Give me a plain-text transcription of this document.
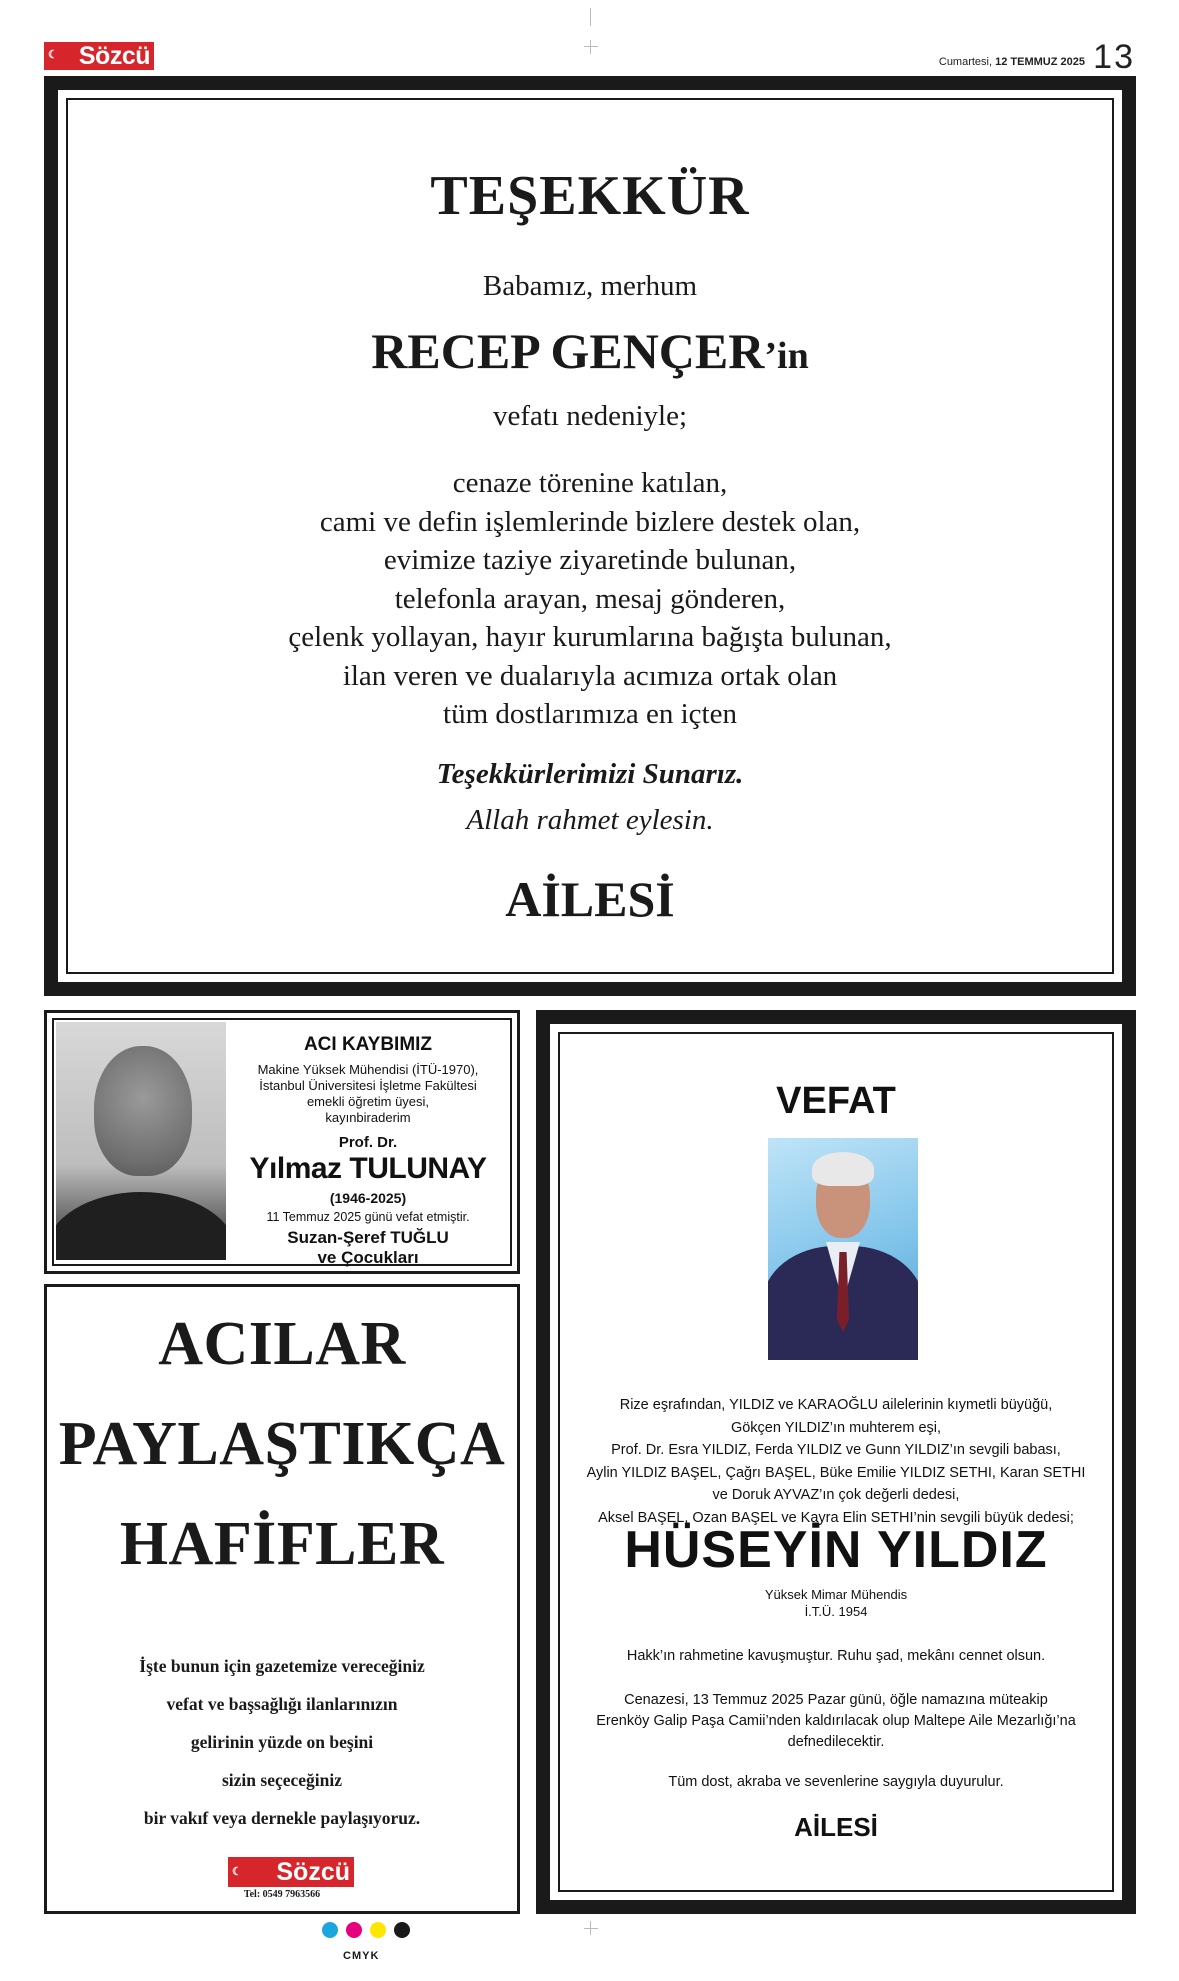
☾ Sözcü	Cumartesi, 12 TEMMUZ 2025 13
TEŞEKKÜR
Babamız, merhum
RECEP GENÇER’in
vefatı nedeniyle;
cenaze törenine katılan,
cami ve defin işlemlerinde bizlere destek olan,
evimize taziye ziyaretinde bulunan,
telefonla arayan, mesaj gönderen,
çelenk yollayan, hayır kurumlarına bağışta bulunan,
ilan veren ve dualarıyla acımıza ortak olan
tüm dostlarımıza en içten
Teşekkürlerimizi Sunarız.
Allah rahmet eylesin.
AİLESİ
ACI KAYBIMIZ
Makine Yüksek Mühendisi (İTÜ-1970),
İstanbul Üniversitesi İşletme Fakültesi
emekli öğretim üyesi,
kayınbiraderim
Prof. Dr.
Yılmaz TULUNAY
(1946-2025)
11 Temmuz 2025 günü vefat etmiştir.
Suzan-Şeref TUĞLU
ve Çocukları
ACILAR
PAYLAŞTIKÇA
HAFİFLER
İşte bunun için gazetemize vereceğiniz
vefat ve başsağlığı ilanlarınızın
gelirinin yüzde on beşini
sizin seçeceğiniz
bir vakıf veya dernekle paylaşıyoruz.
☾ Sözcü
Tel: 0549 7963566
VEFAT
Rize eşrafından, YILDIZ ve KARAOĞLU ailelerinin kıymetli büyüğü,
Gökçen YILDIZ’ın muhterem eşi,
Prof. Dr. Esra YILDIZ, Ferda YILDIZ ve Gunn YILDIZ’ın sevgili babası,
Aylin YILDIZ BAŞEL, Çağrı BAŞEL, Büke Emilie YILDIZ SETHI, Karan SETHI
ve Doruk AYVAZ’ın çok değerli dedesi,
Aksel BAŞEL, Ozan BAŞEL ve Kayra Elin SETHI’nin sevgili büyük dedesi;
HÜSEYİN YILDIZ
Yüksek Mimar Mühendis
İ.T.Ü. 1954
Hakk’ın rahmetine kavuşmuştur. Ruhu şad, mekânı cennet olsun.
Cenazesi, 13 Temmuz 2025 Pazar günü, öğle namazına müteakip
Erenköy Galip Paşa Camii’nden kaldırılacak olup Maltepe Aile Mezarlığı’na
defnedilecektir.
Tüm dost, akraba ve sevenlerine saygıyla duyurulur.
AİLESİ
CMYK
